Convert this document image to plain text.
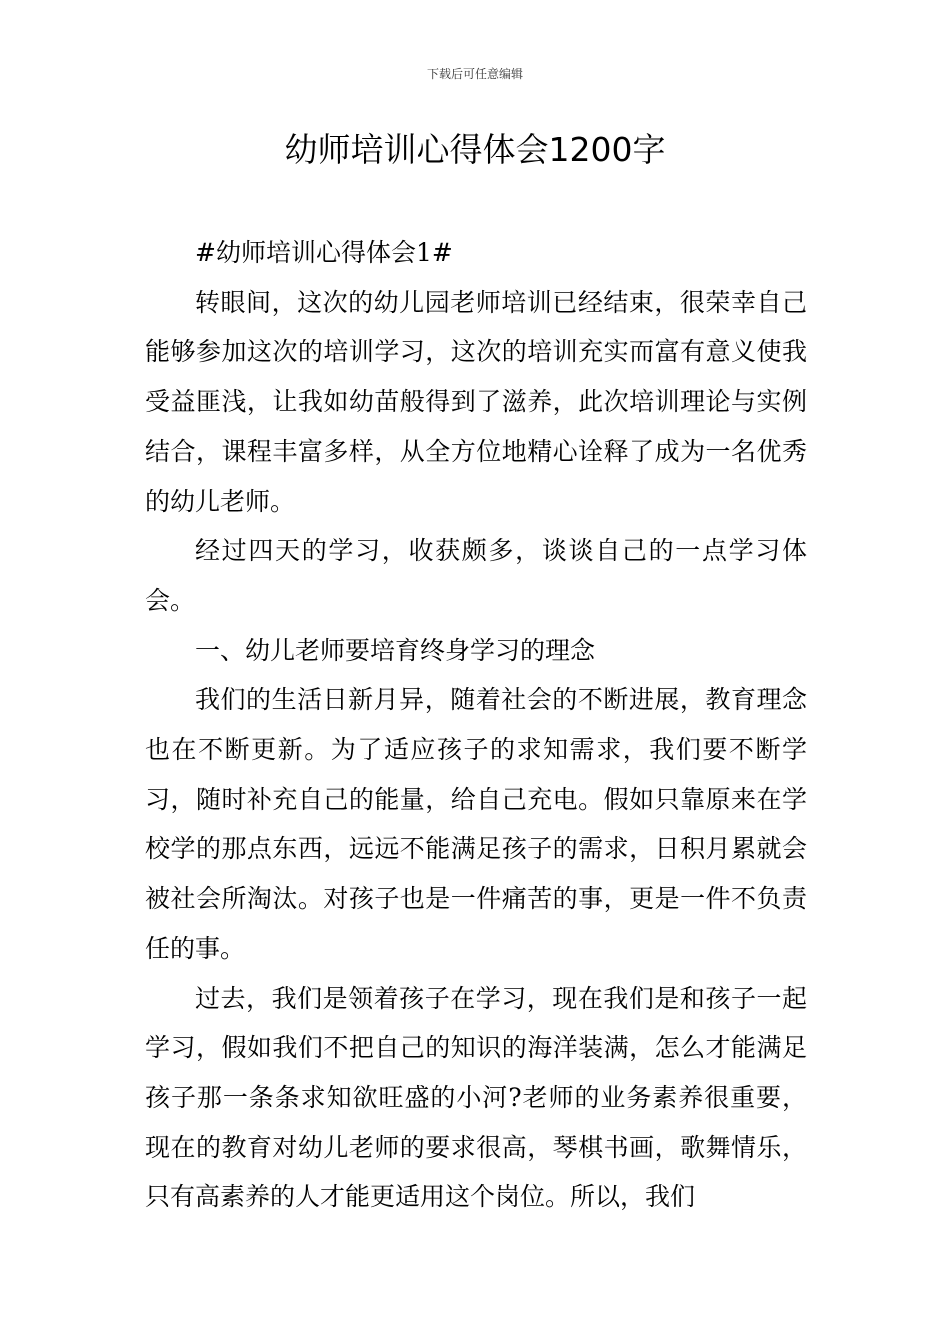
下载后可任意编辑
幼师培训心得体会1200字

#幼师培训心得体会1#

转眼间，这次的幼儿园老师培训已经结束，很荣幸自己能够参加这次的培训学习，这次的培训充实而富有意义使我受益匪浅，让我如幼苗般得到了滋养，此次培训理论与实例结合，课程丰富多样，从全方位地精心诠释了成为一名优秀的幼儿老师。

经过四天的学习，收获颇多，谈谈自己的一点学习体会。

一、幼儿老师要培育终身学习的理念

我们的生活日新月异，随着社会的不断进展，教育理念也在不断更新。为了适应孩子的求知需求，我们要不断学习，随时补充自己的能量，给自己充电。假如只靠原来在学校学的那点东西，远远不能满足孩子的需求，日积月累就会被社会所淘汰。对孩子也是一件痛苦的事，更是一件不负责任的事。

过去，我们是领着孩子在学习，现在我们是和孩子一起学习，假如我们不把自己的知识的海洋装满，怎么才能满足孩子那一条条求知欲旺盛的小河?老师的业务素养很重要，现在的教育对幼儿老师的要求很高，琴棋书画，歌舞情乐，只有高素养的人才能更适用这个岗位。所以，我们
